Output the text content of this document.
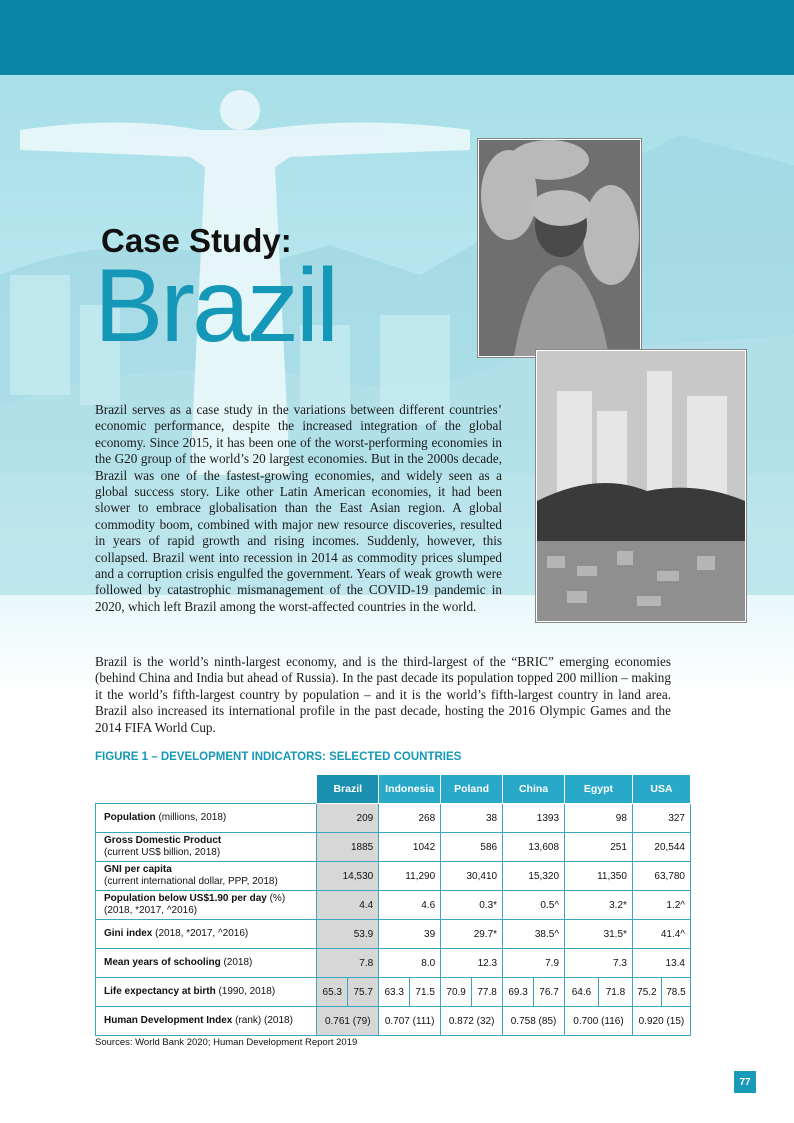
Case Study:

Brazil

Brazil serves as a case study in the variations between different countries’ economic performance, despite the increased integration of the global economy. Since 2015, it has been one of the worst-performing economies in the G20 group of the world’s 20 largest economies. But in the 2000s decade, Brazil was one of the fastest-growing economies, and widely seen as a global success story. Like other Latin American economies, it had been slower to embrace globalisation than the East Asian region. A global commodity boom, combined with major new resource discoveries, resulted in years of rapid growth and rising incomes. Suddenly, however, this collapsed. Brazil went into recession in 2014 as commodity prices slumped and a corruption crisis engulfed the government. Years of weak growth were followed by catastrophic mismanagement of the COVID-19 pandemic in 2020, which left Brazil among the worst-affected countries in the world.

Brazil is the world’s ninth-largest economy, and is the third-largest of the “BRIC” emerging economies (behind China and India but ahead of Russia). In the past decade its population topped 200 million – making it the world’s fifth-largest country by population – and it is the world’s fifth-largest country in land area. Brazil also increased its international profile in the past decade, hosting the 2016 Olympic Games and the 2014 FIFA World Cup.

FIGURE 1 – DEVELOPMENT INDICATORS: SELECTED COUNTRIES

	Brazil		Indonesia		Poland		China		Egypt		USA	
Population (millions, 2018)	209		268		38		1393		98		327	
Gross Domestic Product
(current US$ billion, 2018)	1885		1042		586		13,608		251		20,544	
GNI per capita
(current international dollar, PPP, 2018)	14,530		11,290		30,410		15,320		11,350		63,780	
Population below US$1.90 per day (%)
(2018, *2017, ^2016)	4.4		4.6		0.3*		0.5^		3.2*		1.2^	
Gini index (2018, *2017, ^2016)	53.9		39		29.7*		38.5^		31.5*		41.4^	
Mean years of schooling (2018)	7.8		8.0		12.3		7.9		7.3		13.4	
Life expectancy at birth (1990, 2018)	65.3	75.7	63.3	71.5	70.9	77.8	69.3	76.7	64.6	71.8	75.2	78.5
Human Development Index (rank) (2018)	0.761 (79)		0.707 (111)		0.872 (32)		0.758 (85)		0.700 (116)		0.920 (15)	

Sources: World Bank 2020; Human Development Report 2019

77
